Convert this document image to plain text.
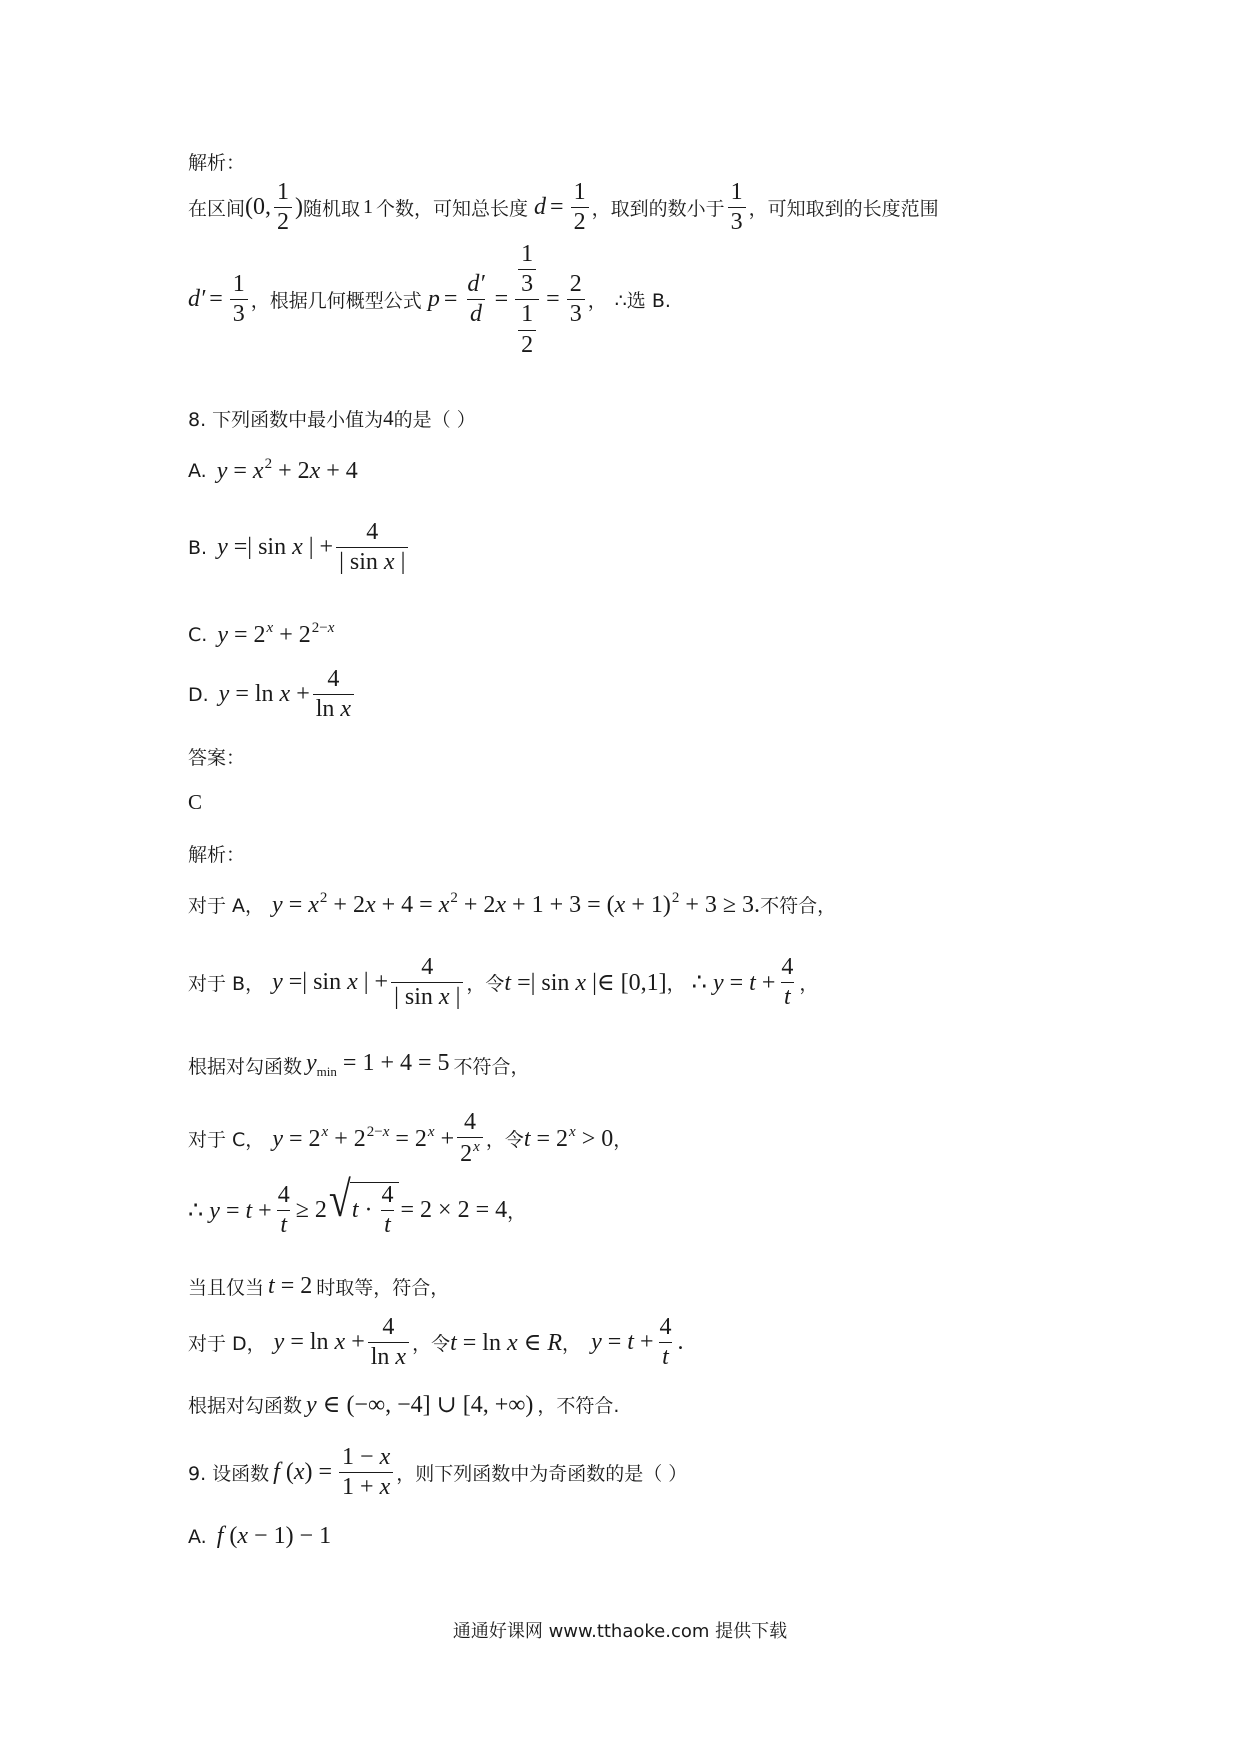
解析：
在区间 (0, $\frac{1}{2}$ ) 随机取 1 个数，可知总长度 $d = \frac{1}{2}$ ，取到的数小于 $\frac{1}{3}$ ，可知取到的长度范围
$d' = \frac{1}{3}$ ，根据几何概型公式 $p = \frac{d'}{d} = \frac{\frac{1}{3}}{\frac{1}{2}} = \frac{2}{3}$ ， ∴选 B.
8. 下列函数中最小值为 4 的是（ ）
A. $y = x^2 + 2x + 4$
B. y =| sin x | + $\frac{4}{\text{| sin x |}}$
C. $y = 2^x + 2^{2-x}$
D. $y = \ln x + \frac{4}{\text{ln x}}$
答案：
C
解析：
对于 A， $y = x^2 + 2x + 4 = x^2 + 2x + 1 + 3 = (x + 1)^2 + 3 \ge 3$. 不符合，
对于 B， y =| sin x | + $\frac{4}{\text{| sin x |}}$ ，令 t =| sin x |∈ [0,1] ， ∴ $y = t + \frac{4}{t}$ ，
根据对勾函数 $y_{min} = 1 + 4 = 5$ 不符合，
对于 C， $y = 2^x + 2^{2-x} = 2^x + \frac{4}{2^x}$ ，令 $t = 2^x > 0$ ，
∴ $y = t + \frac{4}{t} \ge 2$ √ $t \cdot \frac{4}{t} = 2 \times 2 = 4$ ，
当且仅当 t = 2 时取等，符合，
对于 D， $y = \ln x + \frac{4}{\text{ln x}}$ ，令 t = ln x ∈ R ， $y = t + \frac{4}{t}$ .
根据对勾函数 y ∈ (−∞, −4] ∪ [4, +∞) ，不符合.
9. 设函数 f $(x) = \frac{1 - x}{1 + x}$ ，则下列函数中为奇函数的是（ ）
A. f (x − 1) − 1
通通好课网 www.tthaoke.com 提供下载
